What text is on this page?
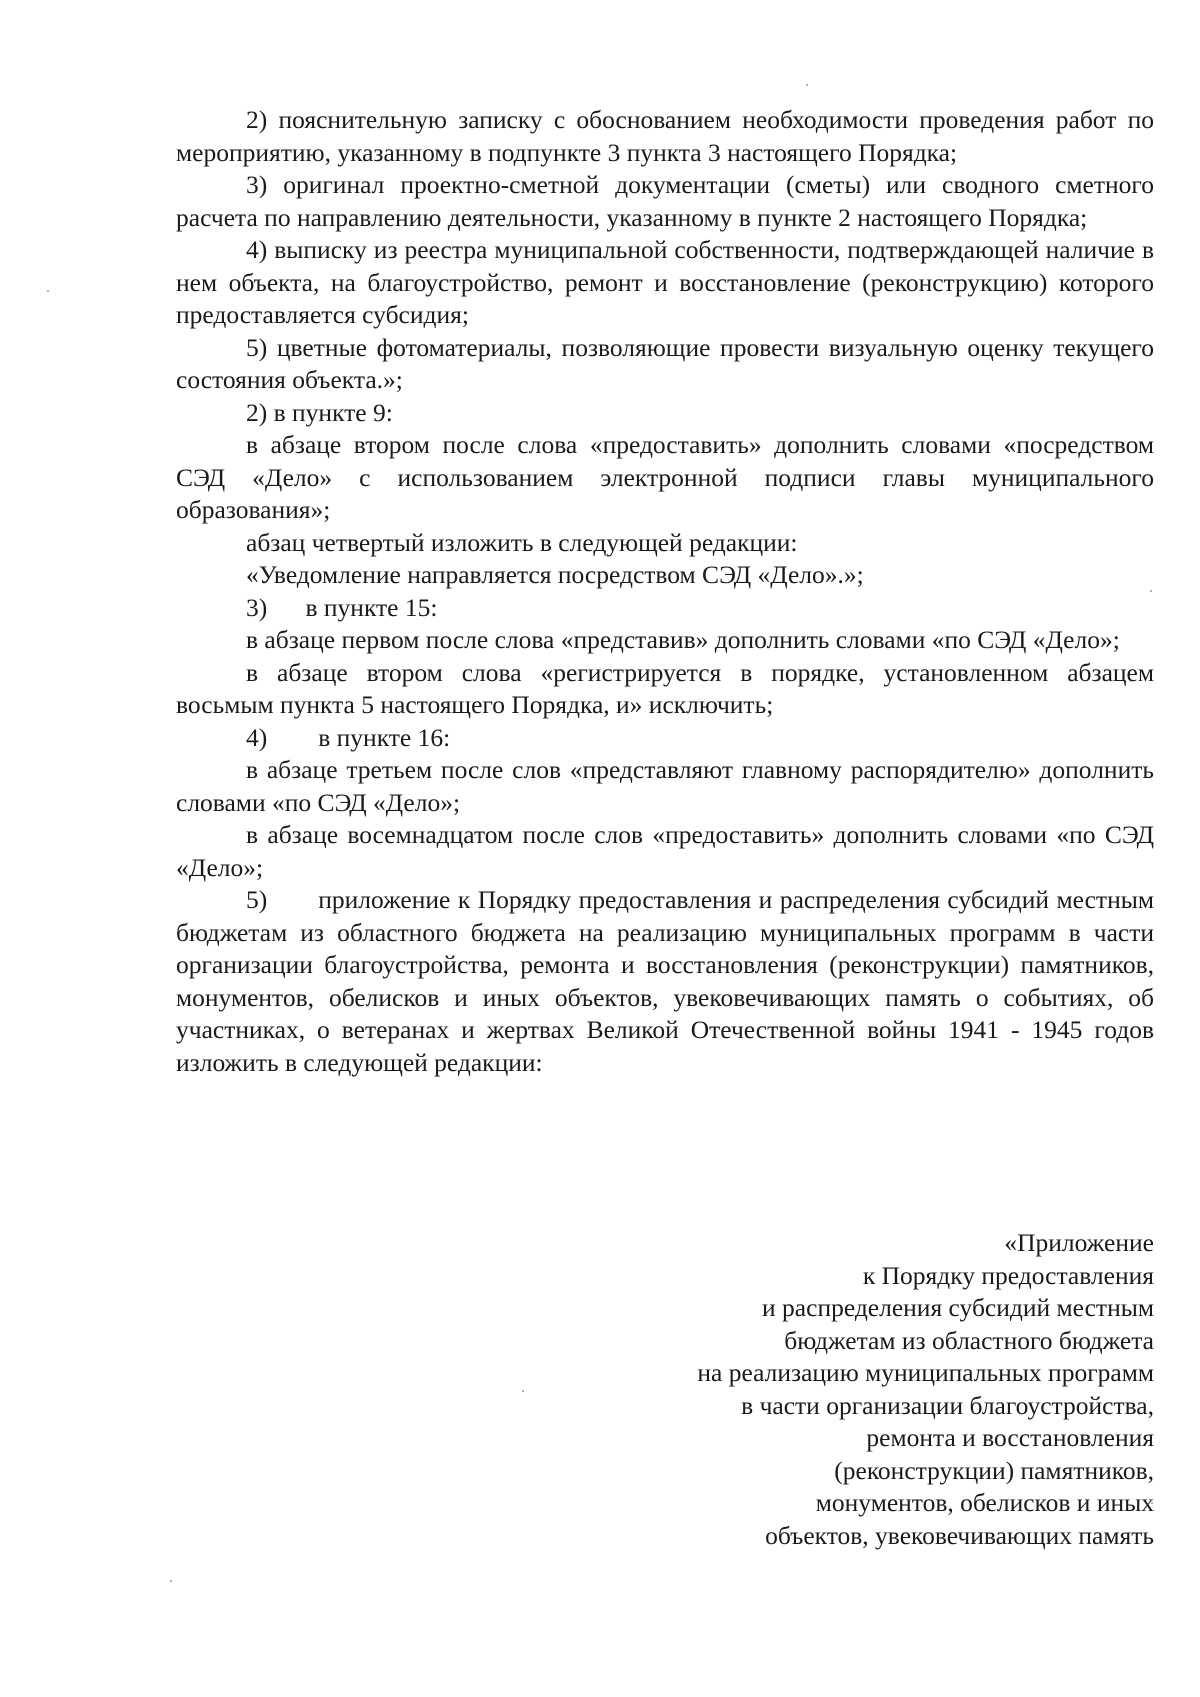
2) пояснительную записку с обоснованием необходимости проведения работ по мероприятию, указанному в подпункте 3 пункта 3 настоящего Порядка;

3) оригинал проектно-сметной документации (сметы) или сводного сметного расчета по направлению деятельности, указанному в пункте 2 настоящего Порядка;

4) выписку из реестра муниципальной собственности, подтверждающей наличие в нем объекта, на благоустройство, ремонт и восстановление (реконструкцию) которого предоставляется субсидия;

5) цветные фотоматериалы, позволяющие провести визуальную оценку текущего состояния объекта.»;

2) в пункте 9:

в абзаце втором после слова «предоставить» дополнить словами «посредством СЭД «Дело» с использованием электронной подписи главы муниципального образования»;

абзац четвертый изложить в следующей редакции:

«Уведомление направляется посредством СЭД «Дело».»;

3)  в пункте 15:

в абзаце первом после слова «представив» дополнить словами «по СЭД «Дело»;

в абзаце втором слова «регистрируется в порядке, установленном абзацем восьмым пункта 5 настоящего Порядка, и» исключить;

4)  в пункте 16:

в абзаце третьем после слов «представляют главному распорядителю» дополнить словами «по СЭД «Дело»;

в абзаце восемнадцатом после слов «предоставить» дополнить словами «по СЭД «Дело»;

5)  приложение к Порядку предоставления и распределения субсидий местным бюджетам из областного бюджета на реализацию муниципальных программ в части организации благоустройства, ремонта и восстановления (реконструкции) памятников, монументов, обелисков и иных объектов, увековечивающих память о событиях, об участниках, о ветеранах и жертвах Великой Отечественной войны 1941 - 1945 годов изложить в следующей редакции:

«Приложение
к Порядку предоставления
и распределения субсидий местным
бюджетам из областного бюджета
на реализацию муниципальных программ
в части организации благоустройства,
ремонта и восстановления
(реконструкции) памятников,
монументов, обелисков и иных
объектов, увековечивающих память
